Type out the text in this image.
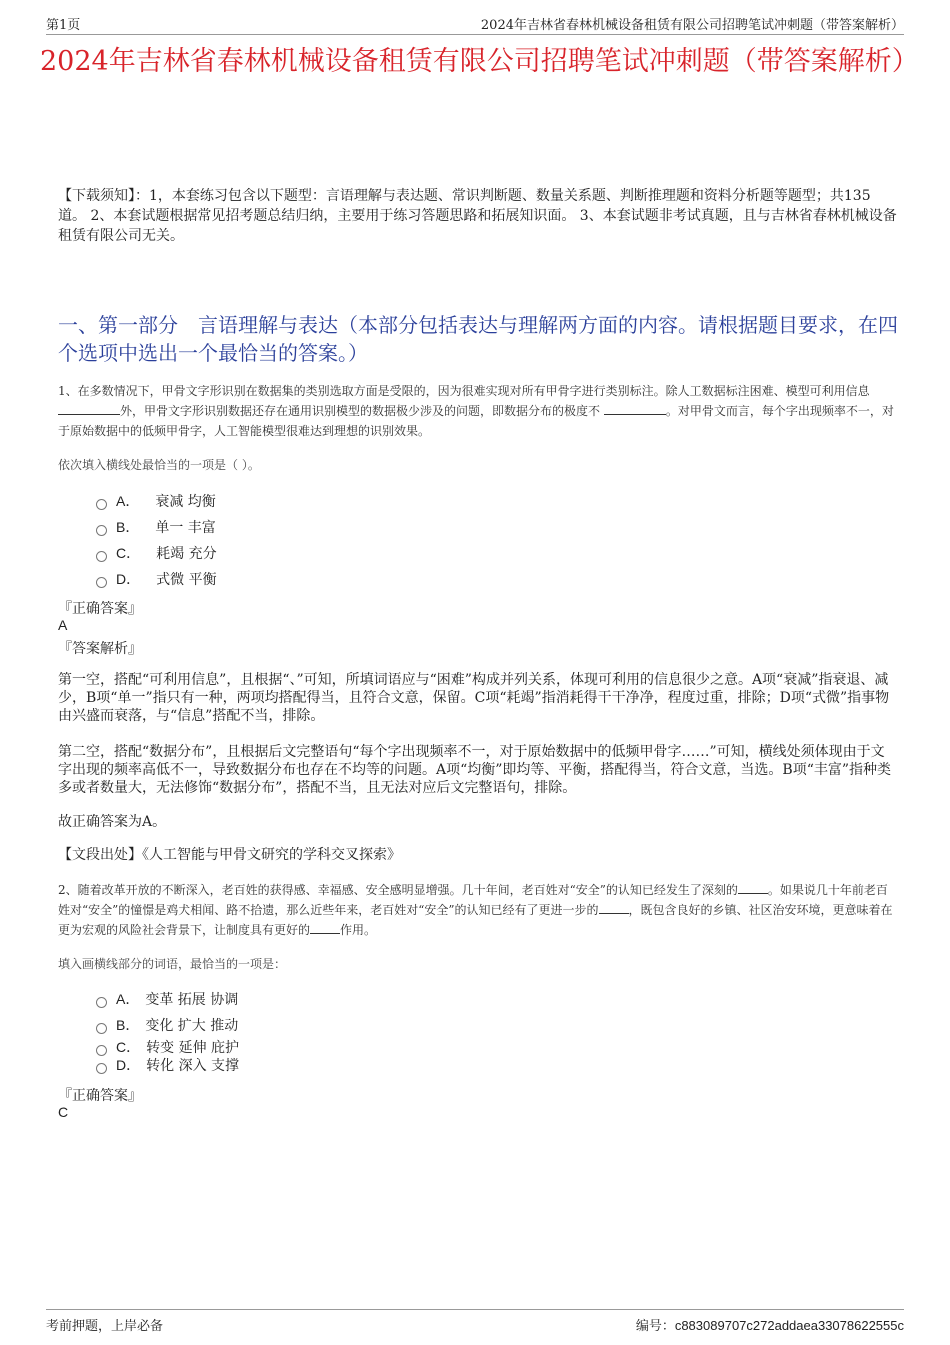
第1页	2024年吉林省春林机械设备租赁有限公司招聘笔试冲刺题（带答案解析）
2024年吉林省春林机械设备租赁有限公司招聘笔试冲刺题（带答案解析）
【下载须知】：1，本套练习包含以下题型：言语理解与表达题、常识判断题、数量关系题、判断推理题和资料分析题等题型；共135道。 2、本套试题根据常见招考题总结归纳，主要用于练习答题思路和拓展知识面。 3、本套试题非考试真题，且与吉林省春林机械设备租赁有限公司无关。
一、第一部分　言语理解与表达（本部分包括表达与理解两方面的内容。请根据题目要求，在四个选项中选出一个最恰当的答案。）
1、在多数情况下，甲骨文字形识别在数据集的类别选取方面是受限的，因为很难实现对所有甲骨字进行类别标注。除人工数据标注困难、模型可利用信息 外，甲骨文字形识别数据还存在通用识别模型的数据极少涉及的问题，即数据分布的极度不	。对甲骨文而言，每个字出现频率不一，对于原始数据中的低频甲骨字，人工智能模型很难达到理想的识别效果。
依次填入横线处最恰当的一项是（ ）。
A． 衰减 均衡
B． 单一 丰富
C． 耗竭 充分
D． 式微 平衡
『正确答案』
A
『答案解析』
第一空，搭配“可利用信息”，且根据“、”可知，所填词语应与“困难”构成并列关系，体现可利用的信息很少之意。A项“衰减”指衰退、减少，B项“单一”指只有一种，两项均搭配得当，且符合文意，保留。C项“耗竭”指消耗得干干净净，程度过重，排除；D项“式微”指事物由兴盛而衰落，与“信息”搭配不当，排除。
第二空，搭配“数据分布”，且根据后文完整语句“每个字出现频率不一，对于原始数据中的低频甲骨字……”可知，横线处须体现由于文字出现的频率高低不一，导致数据分布也存在不均等的问题。A项“均衡”即均等、平衡，搭配得当，符合文意，当选。B项“丰富”指种类多或者数量大，无法修饰“数据分布”，搭配不当，且无法对应后文完整语句，排除。
故正确答案为A。
【文段出处】《人工智能与甲骨文研究的学科交叉探索》
2、随着改革开放的不断深入，老百姓的获得感、幸福感、安全感明显增强。几十年间，老百姓对“安全”的认知已经发生了深刻的	。如果说几十年前老百姓对“安全”的憧憬是鸡犬相闻、路不拾遗，那么近些年来，老百姓对“安全”的认知已经有了更进一步的	，既包含良好的乡镇、社区治安环境，更意味着在更为宏观的风险社会背景下，让制度具有更好的	作用。
填入画横线部分的词语，最恰当的一项是：
A． 变革 拓展 协调
B． 变化 扩大 推动
C． 转变 延伸 庇护
D． 转化 深入 支撑
『正确答案』
C
考前押题，上岸必备	编号：c883089707c272addaea33078622555c
